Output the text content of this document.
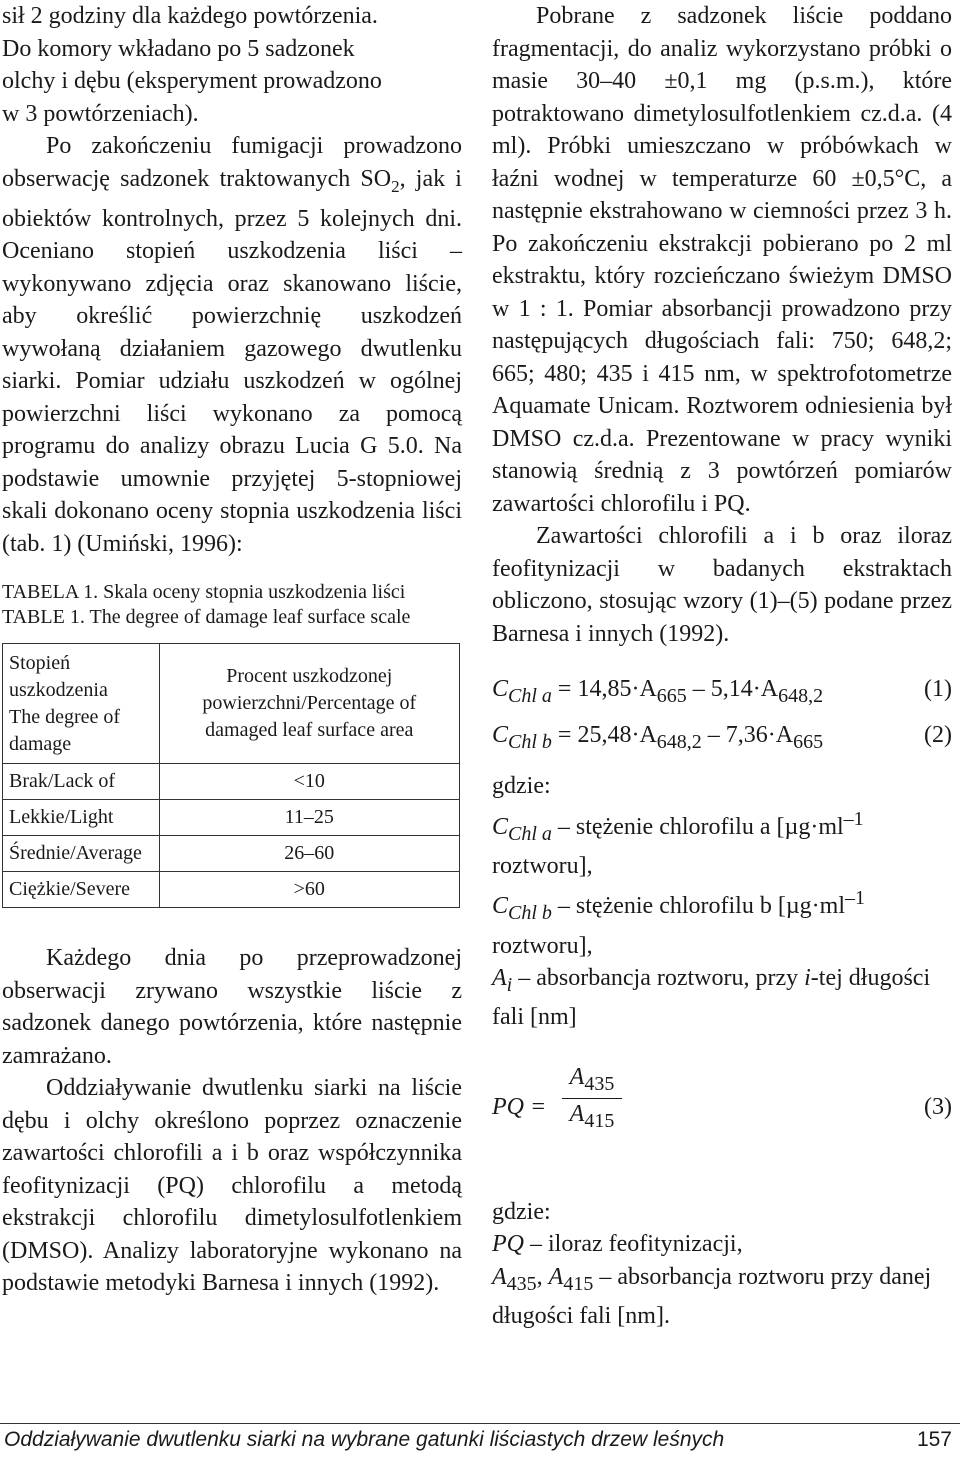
sił 2 godziny dla każdego powtórzenia.
Do komory wkładano po 5 sadzonek
olchy i dębu (eksperyment prowadzono
w 3 powtórzeniach).

Po zakończeniu fumigacji prowadzono obserwację sadzonek traktowanych $SO_2$, jak i obiektów kontrolnych, przez 5 kolejnych dni. Oceniano stopień uszkodzenia liści – wykonywano zdjęcia oraz skanowano liście, aby określić powierzchnię uszkodzeń wywołaną działaniem gazowego dwutlenku siarki. Pomiar udziału uszkodzeń w ogólnej powierzchni liści wykonano za pomocą programu do analizy obrazu Lucia G 5.0. Na podstawie umownie przyjętej 5-stopniowej skali dokonano oceny stopnia uszkodzenia liści (tab. 1) (Umiński, 1996):

TABELA 1. Skala oceny stopnia uszkodzenia liści

TABLE 1. The degree of damage leaf surface scale

Stopień uszkodzenia
The degree of damage	Procent uszkodzonej powierzchni/Percentage of damaged leaf surface area
Brak/Lack of	<10
Lekkie/Light	11–25
Średnie/Average	26–60
Ciężkie/Severe	>60

Każdego dnia po przeprowadzonej obserwacji zrywano wszystkie liście z sadzonek danego powtórzenia, które następnie zamrażano.

Oddziaływanie dwutlenku siarki na liście dębu i olchy określono poprzez oznaczenie zawartości chlorofili a i b oraz współczynnika feofitynizacji (PQ) chlorofilu a metodą ekstrakcji chlorofilu dimetylosulfotlenkiem (DMSO). Analizy laboratoryjne wykonano na podstawie metodyki Barnesa i innych (1992).

Pobrane z sadzonek liście poddano fragmentacji, do analiz wykorzystano próbki o masie 30–40 ±0,1 mg (p.s.m.), które potraktowano dimetylosulfotlenkiem cz.d.a. (4 ml). Próbki umieszczano w próbówkach w łaźni wodnej w temperaturze 60 ±0,5°C, a następnie ekstrahowano w ciemności przez 3 h. Po zakończeniu ekstrakcji pobierano po 2 ml ekstraktu, który rozcieńczano świeżym DMSO w 1 : 1. Pomiar absorbancji prowadzono przy następujących długościach fali: 750; 648,2; 665; 480; 435 i 415 nm, w spektrofotometrze Aquamate Unicam. Roztworem odniesienia był DMSO cz.d.a. Prezentowane w pracy wyniki stanowią średnią z 3 powtórzeń pomiarów zawartości chlorofilu i PQ.

Zawartości chlorofili a i b oraz iloraz feofitynizacji w badanych ekstraktach obliczono, stosując wzory (1)–(5) podane przez Barnesa i innych (1992).

$C_{Chl a} = 14,85\cdot A_{665} - 5,14\cdot A_{648,2}$	(1)
$C_{Chl b} = 25,48\cdot A_{648,2} - 7,36\cdot A_{665}$	(2)

gdzie:
$C_{Chl a}$ – stężenie chlorofilu a [$\mu g\cdot ml^{-1}$
roztworu],
$C_{Chl b}$ – stężenie chlorofilu b [$\mu g\cdot ml^{-1}$
roztworu],
$A_i$ – absorbancja roztworu, przy i-tej długości fali [nm]

PQ =
$A_{435}$
$A_{415}$
(3)

gdzie:
PQ – iloraz feofitynizacji,
$A_{435}$, $A_{415}$ – absorbancja roztworu przy danej długości fali [nm].

Oddziaływanie dwutlenku siarki na wybrane gatunki liściastych drzew leśnych	157
